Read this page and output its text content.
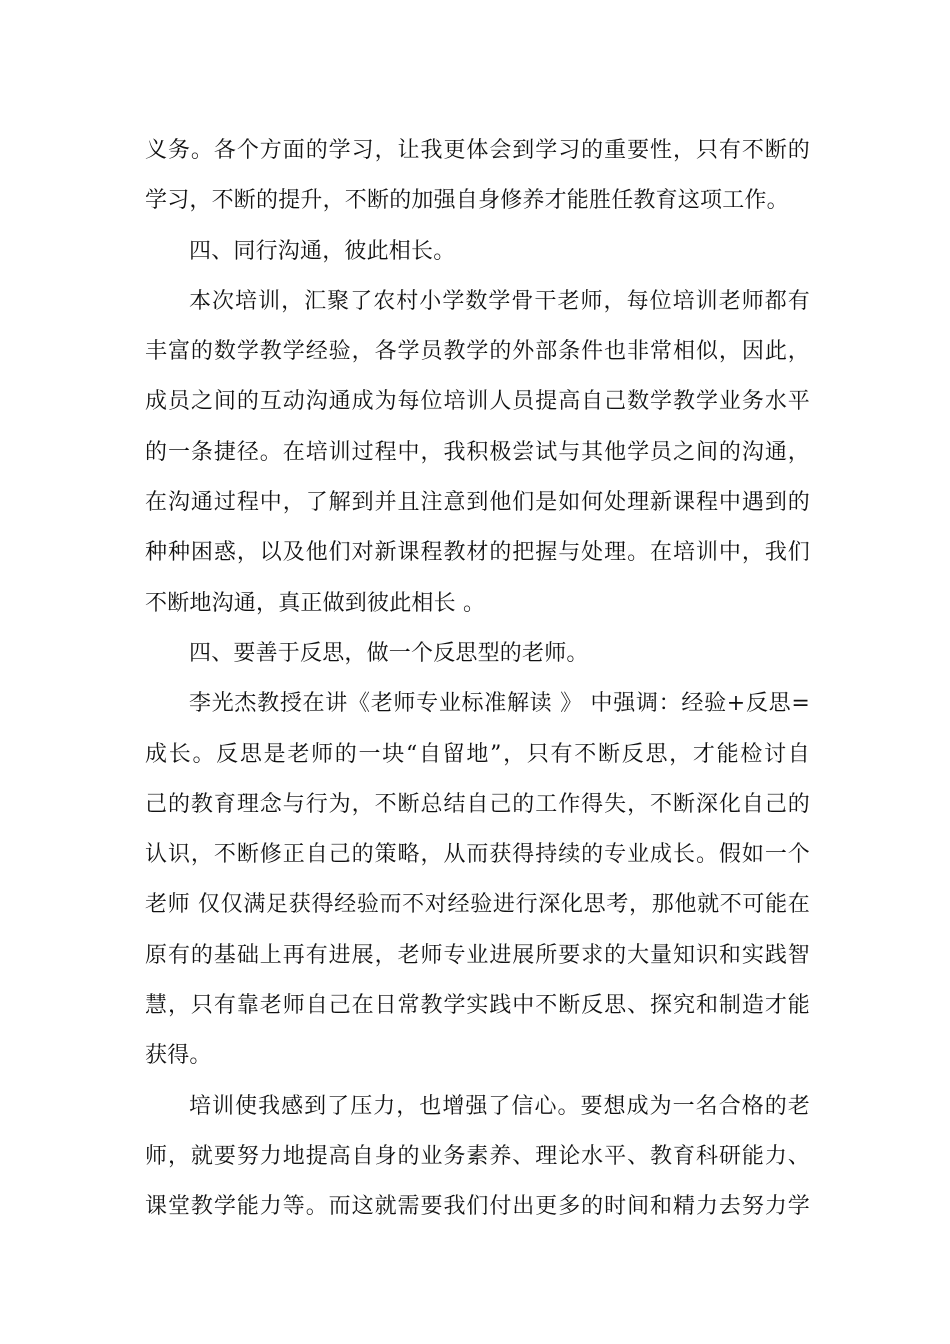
义务。各个方面的学习，让我更体会到学习的重要性，只有不断的
学习，不断的提升，不断的加强自身修养才能胜任教育这项工作。
四、同行沟通，彼此相长。
本次培训，汇聚了农村小学数学骨干老师，每位培训老师都有
丰富的数学教学经验，各学员教学的外部条件也非常相似，因此，
成员之间的互动沟通成为每位培训人员提高自己数学教学业务水平
的一条捷径。在培训过程中，我积极尝试与其他学员之间的沟通，
在沟通过程中，了解到并且注意到他们是如何处理新课程中遇到的
种种困惑，以及他们对新课程教材的把握与处理。在培训中，我们
不断地沟通，真正做到彼此相长 。
四、要善于反思，做一个反思型的老师。
李光杰教授在讲《老师专业标准解读 》 中强调：经验+反思=
成长。反思是老师的一块“自留地”，只有不断反思，才能检讨自
己的教育理念与行为，不断总结自己的工作得失，不断深化自己的
认识，不断修正自己的策略，从而获得持续的专业成长。假如一个
老师 仅仅满足获得经验而不对经验进行深化思考，那他就不可能在
原有的基础上再有进展，老师专业进展所要求的大量知识和实践智
慧，只有靠老师自己在日常教学实践中不断反思、探究和制造才能
获得。
培训使我感到了压力，也增强了信心。要想成为一名合格的老
师，就要努力地提高自身的业务素养、理论水平、教育科研能力、
课堂教学能力等。而这就需要我们付出更多的时间和精力去努力学
